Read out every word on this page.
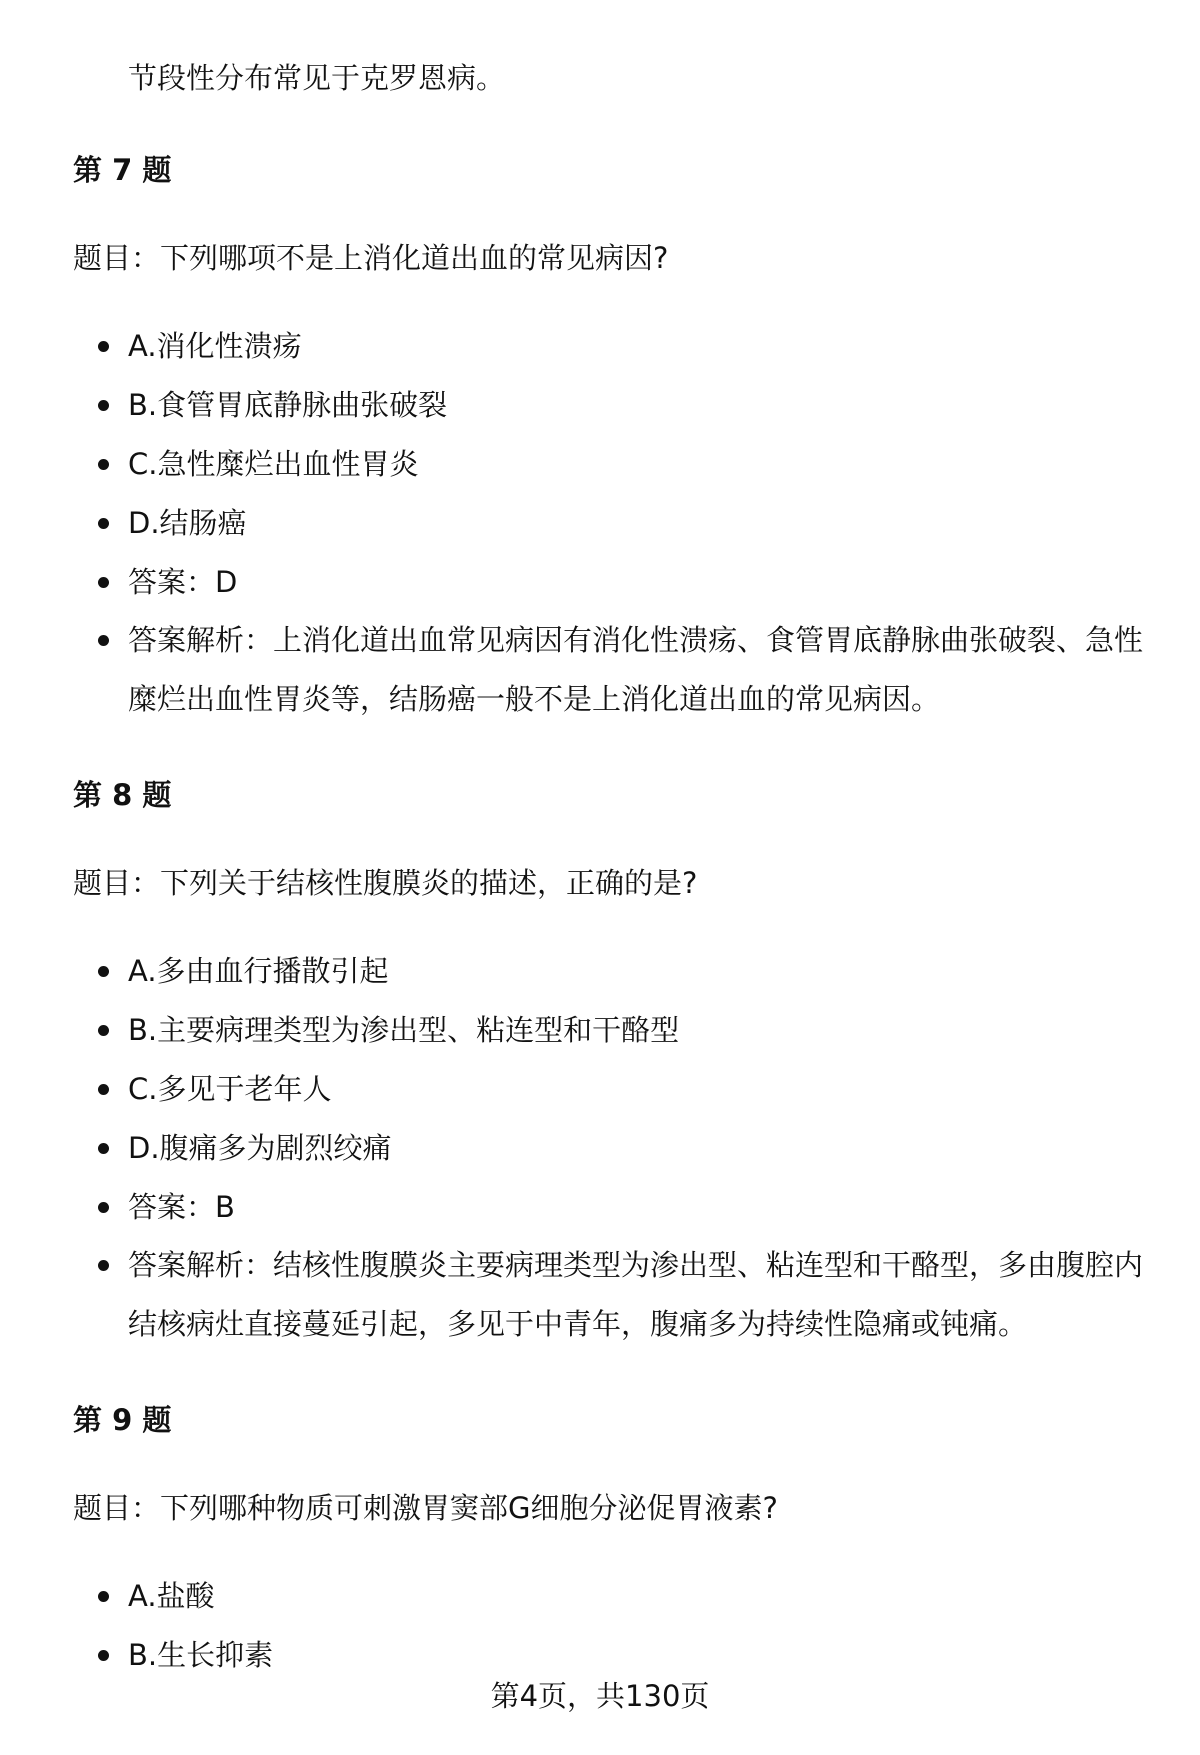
节段性分布常见于克罗恩病。
第 7 题

题目：下列哪项不是上消化道出血的常见病因?

A.消化性溃疡
B.食管胃底静脉曲张破裂
C.急性糜烂出血性胃炎
D.结肠癌
答案：D
答案解析：上消化道出血常见病因有消化性溃疡、食管胃底静脉曲张破裂、急性糜烂出血性胃炎等，结肠癌一般不是上消化道出血的常见病因。
第 8 题

题目：下列关于结核性腹膜炎的描述，正确的是?

A.多由血行播散引起
B.主要病理类型为渗出型、粘连型和干酪型
C.多见于老年人
D.腹痛多为剧烈绞痛
答案：B
答案解析：结核性腹膜炎主要病理类型为渗出型、粘连型和干酪型，多由腹腔内结核病灶直接蔓延引起，多见于中青年，腹痛多为持续性隐痛或钝痛。
第 9 题

题目：下列哪种物质可刺激胃窦部G细胞分泌促胃液素?

A.盐酸
B.生长抑素
第4页，共130页
